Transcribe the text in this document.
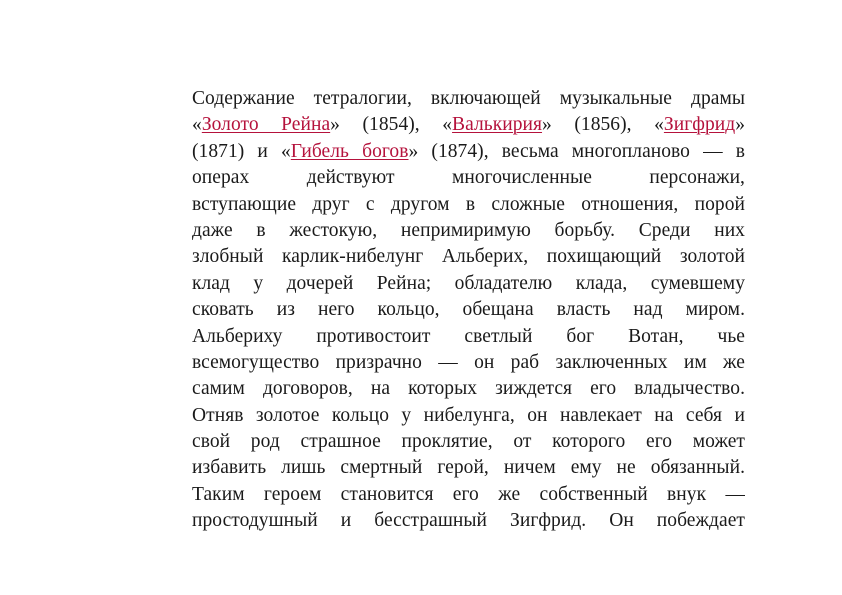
Содержание тетралогии, включающей музыкальные драмы
«Золото Рейна» (1854), «Валькирия» (1856), «Зигфрид»
(1871) и «Гибель богов» (1874), весьма многопланово — в
операх действуют многочисленные персонажи,
вступающие друг с другом в сложные отношения, порой
даже в жестокую, непримиримую борьбу. Среди них
злобный карлик-нибелунг Альберих, похищающий золотой
клад у дочерей Рейна; обладателю клада, сумевшему
сковать из него кольцо, обещана власть над миром.
Альбериху противостоит светлый бог Вотан, чье
всемогущество призрачно — он раб заключенных им же
самим договоров, на которых зиждется его владычество.
Отняв золотое кольцо у нибелунга, он навлекает на себя и
свой род страшное проклятие, от которого его может
избавить лишь смертный герой, ничем ему не обязанный.
Таким героем становится его же собственный внук —
простодушный и бесстрашный Зигфрид. Он побеждает
